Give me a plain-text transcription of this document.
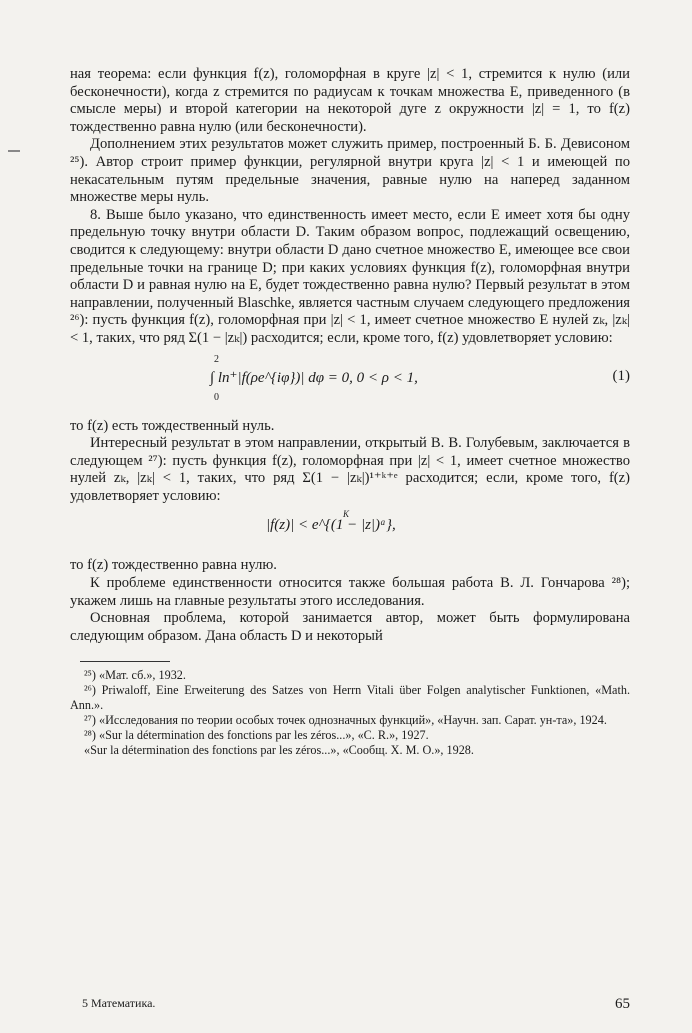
ная теорема: если функция f(z), голоморфная в круге |z| < 1, стремится к нулю (или бесконечности), когда z стремится по радиусам к точкам множества E, приведенного (в смысле меры) и второй категории на некоторой дуге z окружности |z| = 1, то f(z) тождественно равна нулю (или бесконечности).

Дополнением этих результатов может служить пример, построенный Б. Б. Девисоном ²⁵). Автор строит пример функции, регулярной внутри круга |z| < 1 и имеющей по некасательным путям предельные значения, равные нулю на наперед заданном множестве меры нуль.

8. Выше было указано, что единственность имеет место, если E имеет хотя бы одну предельную точку внутри области D. Таким образом вопрос, подлежащий освещению, сводится к следующему: внутри области D дано счетное множество E, имеющее все свои предельные точки на границе D; при каких условиях функция f(z), голоморфная внутри области D и равная нулю на E, будет тождественно равна нулю? Первый результат в этом направлении, полученный Blaschke, является частным случаем следующего предложения ²⁶): пусть функция f(z), голоморфная при |z| < 1, имеет счетное множество E нулей zₖ, |zₖ| < 1, таких, что ряд Σ(1 − |zₖ|) расходится; если, кроме того, f(z) удовлетворяет условию:

2
∫ ln⁺|f(ρe^{iφ})| dφ = 0, 0 < ρ < 1,
0
(1)

то f(z) есть тождественный нуль.

Интересный результат в этом направлении, открытый В. В. Голубевым, заключается в следующем ²⁷): пусть функция f(z), голоморфная при |z| < 1, имеет счетное множество нулей zₖ, |zₖ| < 1, таких, что ряд Σ(1 − |zₖ|)¹⁺ᵏ⁺ᵉ расходится; если, кроме того, f(z) удовлетворяет условию:

K
|f(z)| < e^{(1 − |z|)ᵃ},

то f(z) тождественно равна нулю.

К проблеме единственности относится также большая работа В. Л. Гончарова ²⁸); укажем лишь на главные результаты этого исследования.

Основная проблема, которой занимается автор, может быть формулирована следующим образом. Дана область D и некоторый

²⁵) «Мат. сб.», 1932.

²⁶) Priwaloff, Eine Erweiterung des Satzes von Herrn Vitali über Folgen analytischer Funktionen, «Math. Ann.».

²⁷) «Исследования по теории особых точек однозначных функций», «Научн. зап. Сарат. ун-та», 1924.

²⁸) «Sur la détermination des fonctions par les zéros...», «C. R.», 1927.

«Sur la détermination des fonctions par les zéros...», «Сообщ. Х. М. О.», 1928.

5 Математика.	65
